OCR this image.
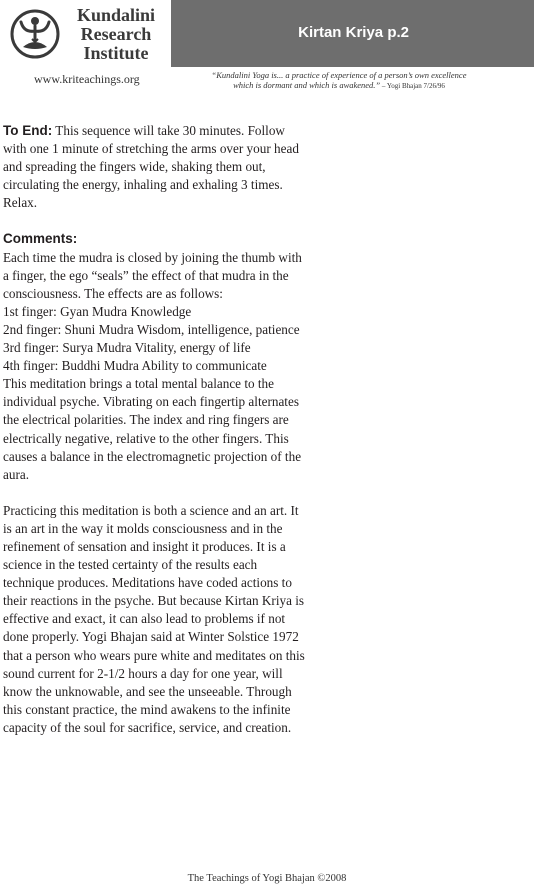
Kundalini
Research
Institute
Kirtan Kriya p.2
www.kriteachings.org	“Kundalini Yoga is... a practice of experience of a person’s own excellence
which is dormant and which is awakened.” – Yogi Bhajan 7/26/96

To End: This sequence will take 30 minutes. Follow

with one 1 minute of stretching the arms over your head

and spreading the fingers wide, shaking them out,

circulating the energy, inhaling and exhaling 3 times.

Relax.

Comments:

Each time the mudra is closed by joining the thumb with

a finger, the ego “seals” the effect of that mudra in the

consciousness. The effects are as follows:

1st finger: Gyan Mudra Knowledge

2nd finger: Shuni Mudra Wisdom, intelligence, patience

3rd finger: Surya Mudra Vitality, energy of life

4th finger: Buddhi Mudra Ability to communicate

This meditation brings a total mental balance to the

individual psyche. Vibrating on each fingertip alternates

the electrical polarities. The index and ring fingers are

electrically negative, relative to the other fingers. This

causes a balance in the electromagnetic projection of the

aura.

Practicing this meditation is both a science and an art. It

is an art in the way it molds consciousness and in the

refinement of sensation and insight it produces. It is a

science in the tested certainty of the results each

technique produces. Meditations have coded actions to

their reactions in the psyche. But because Kirtan Kriya is

effective and exact, it can also lead to problems if not

done properly. Yogi Bhajan said at Winter Solstice 1972

that a person who wears pure white and meditates on this

sound current for 2-1/2 hours a day for one year, will

know the unknowable, and see the unseeable. Through

this constant practice, the mind awakens to the infinite

capacity of the soul for sacrifice, service, and creation.

The Teachings of Yogi Bhajan ©2008
